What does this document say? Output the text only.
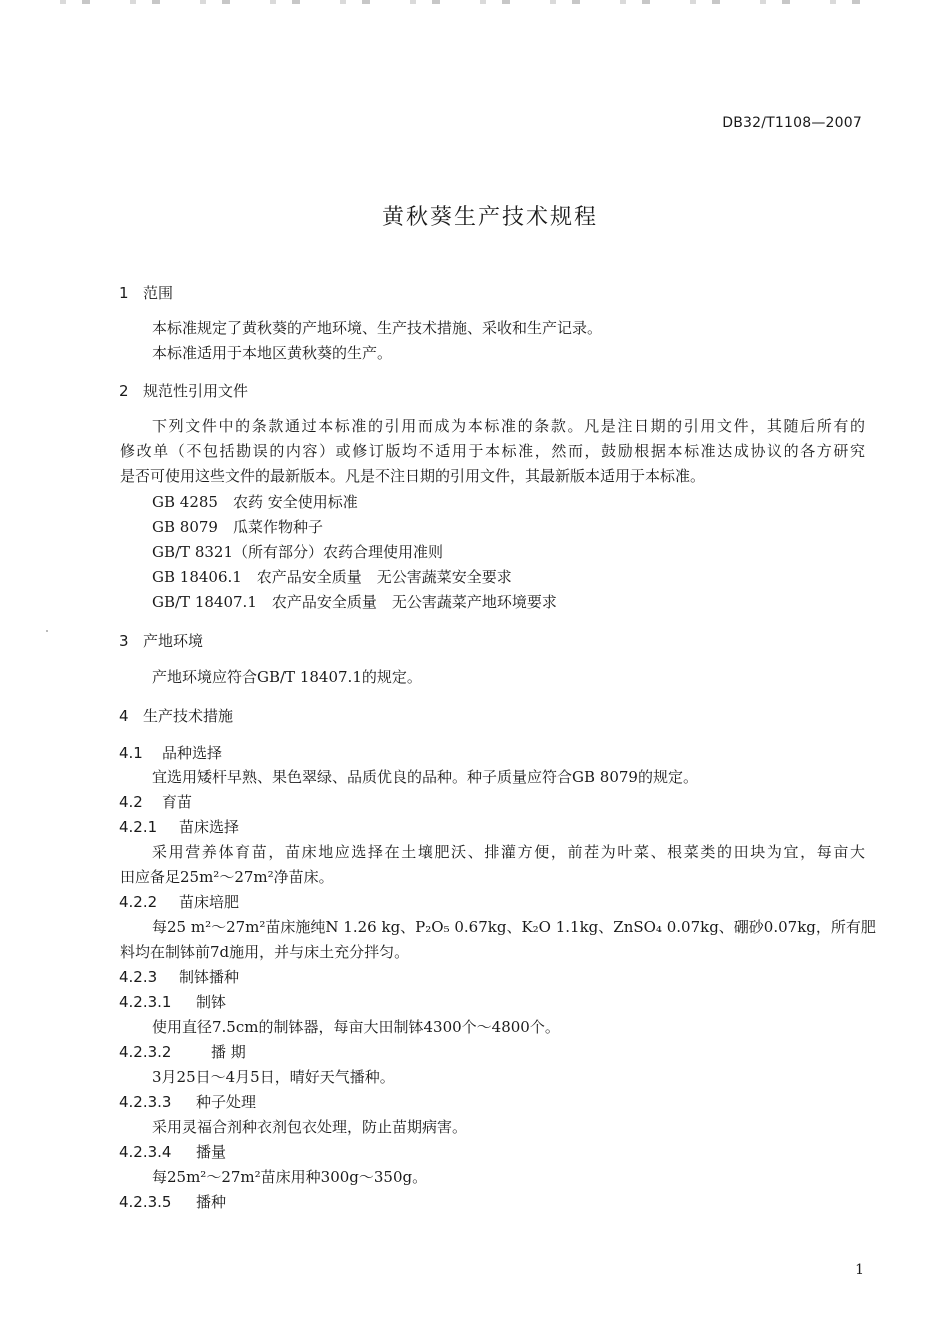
DB32/T1108—2007
黄秋葵生产技术规程
1 范围
本标准规定了黄秋葵的产地环境、生产技术措施、采收和生产记录。
本标准适用于本地区黄秋葵的生产。
2 规范性引用文件
下列文件中的条款通过本标准的引用而成为本标准的条款。凡是注日期的引用文件，其随后所有的
修改单（不包括勘误的内容）或修订版均不适用于本标准，然而，鼓励根据本标准达成协议的各方研究
是否可使用这些文件的最新版本。凡是不注日期的引用文件，其最新版本适用于本标准。
GB 4285　农药 安全使用标准
GB 8079　瓜菜作物种子
GB/T 8321（所有部分）农药合理使用准则
GB 18406.1　农产品安全质量　无公害蔬菜安全要求
GB/T 18407.1　农产品安全质量　无公害蔬菜产地环境要求
3 产地环境
产地环境应符合GB/T 18407.1的规定。
4 生产技术措施
4.1 品种选择
宜选用矮杆早熟、果色翠绿、品质优良的品种。种子质量应符合GB 8079的规定。
4.2 育苗
4.2.1 苗床选择
采用营养体育苗，苗床地应选择在土壤肥沃、排灌方便，前茬为叶菜、根菜类的田块为宜，每亩大
田应备足25m²～27m²净苗床。
4.2.2 苗床培肥
每25 m²～27m²苗床施纯N 1.26 kg、P₂O₅ 0.67kg、K₂O 1.1kg、ZnSO₄ 0.07kg、硼砂0.07kg，所有肥
料均在制钵前7d施用，并与床土充分拌匀。
4.2.3 制钵播种
4.2.3.1 制钵
使用直径7.5cm的制钵器，每亩大田制钵4300个～4800个。
4.2.3.2	播 期
3月25日～4月5日，晴好天气播种。
4.2.3.3 种子处理
采用灵福合剂种衣剂包衣处理，防止苗期病害。
4.2.3.4 播量
每25m²～27m²苗床用种300g～350g。
4.2.3.5 播种
1
